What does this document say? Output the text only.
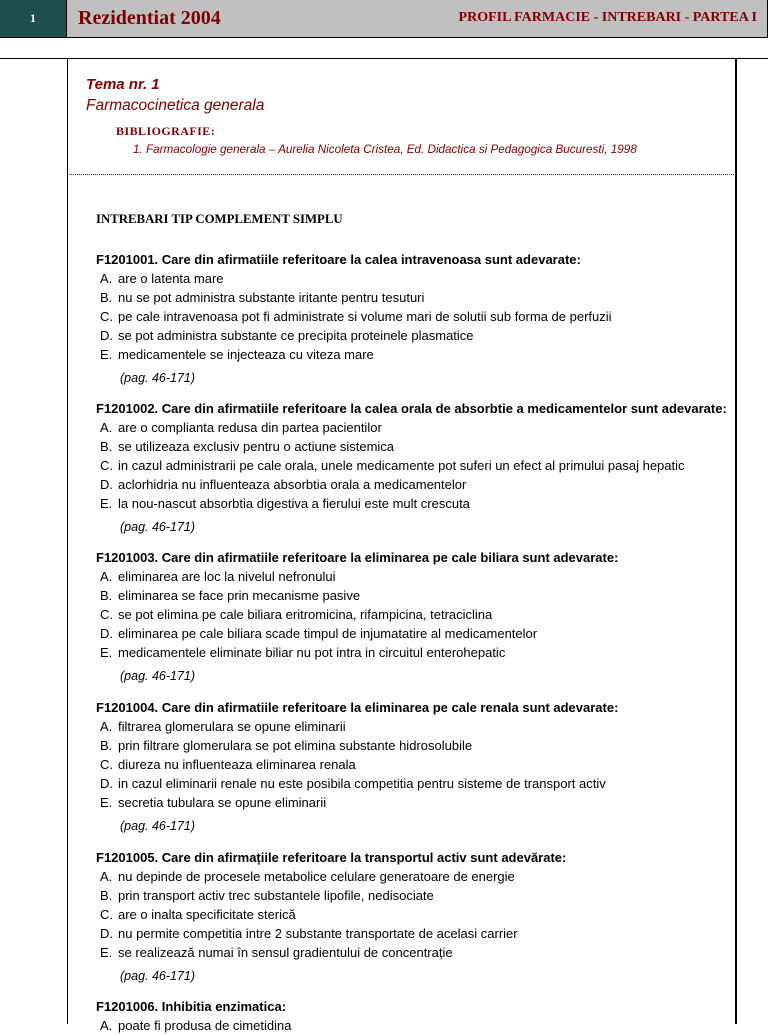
1	Rezidentiat 2004	PROFIL FARMACIE - INTREBARI - PARTEA I
Tema nr. 1
Farmacocinetica generala
BIBLIOGRAFIE:
1. Farmacologie generala – Aurelia Nicoleta Cristea, Ed. Didactica si Pedagogica Bucuresti, 1998
INTREBARI TIP COMPLEMENT SIMPLU
F1201001. Care din afirmatiile referitoare la calea intravenoasa sunt adevarate:
A. are o latenta mare
B. nu se pot administra substante iritante pentru tesuturi
C. pe cale intravenoasa pot fi administrate si volume mari de solutii sub forma de perfuzii
D. se pot administra substante ce precipita proteinele plasmatice
E. medicamentele se injecteaza cu viteza mare
(pag. 46-171)
F1201002. Care din afirmatiile referitoare la calea orala de absorbtie a medicamentelor sunt adevarate:
A. are o complianta redusa din partea pacientilor
B. se utilizeaza exclusiv pentru o actiune sistemica
C. in cazul administrarii pe cale orala, unele medicamente pot suferi un efect al primului pasaj hepatic
D. aclorhidria nu influenteaza absorbtia orala a medicamentelor
E. la nou-nascut absorbtia digestiva a fierului este mult crescuta
(pag. 46-171)
F1201003. Care din afirmatiile referitoare la eliminarea pe cale biliara sunt adevarate:
A. eliminarea are loc la nivelul nefronului
B. eliminarea se face prin mecanisme pasive
C. se pot elimina pe cale biliara eritromicina, rifampicina, tetraciclina
D. eliminarea pe cale biliara scade timpul de injumatatire al medicamentelor
E. medicamentele eliminate biliar nu pot intra in circuitul enterohepatic
(pag. 46-171)
F1201004. Care din afirmatiile referitoare la eliminarea pe cale renala sunt adevarate:
A. filtrarea glomerulara se opune eliminarii
B. prin filtrare glomerulara se pot elimina substante hidrosolubile
C. diureza nu influenteaza eliminarea renala
D. in cazul eliminarii renale nu este posibila competitia pentru sisteme de transport activ
E. secretia tubulara se opune eliminarii
(pag. 46-171)
F1201005. Care din afirmațiile referitoare la transportul activ sunt adevărate:
A. nu depinde de procesele metabolice celulare generatoare de energie
B. prin transport activ trec substantele lipofile, nedisociate
C. are o inalta specificitate sterică
D. nu permite competitia intre 2 substante transportate de acelasi carrier
E. se realizează numai în sensul gradientului de concentrație
(pag. 46-171)
F1201006. Inhibitia enzimatica:
A. poate fi produsa de cimetidina
